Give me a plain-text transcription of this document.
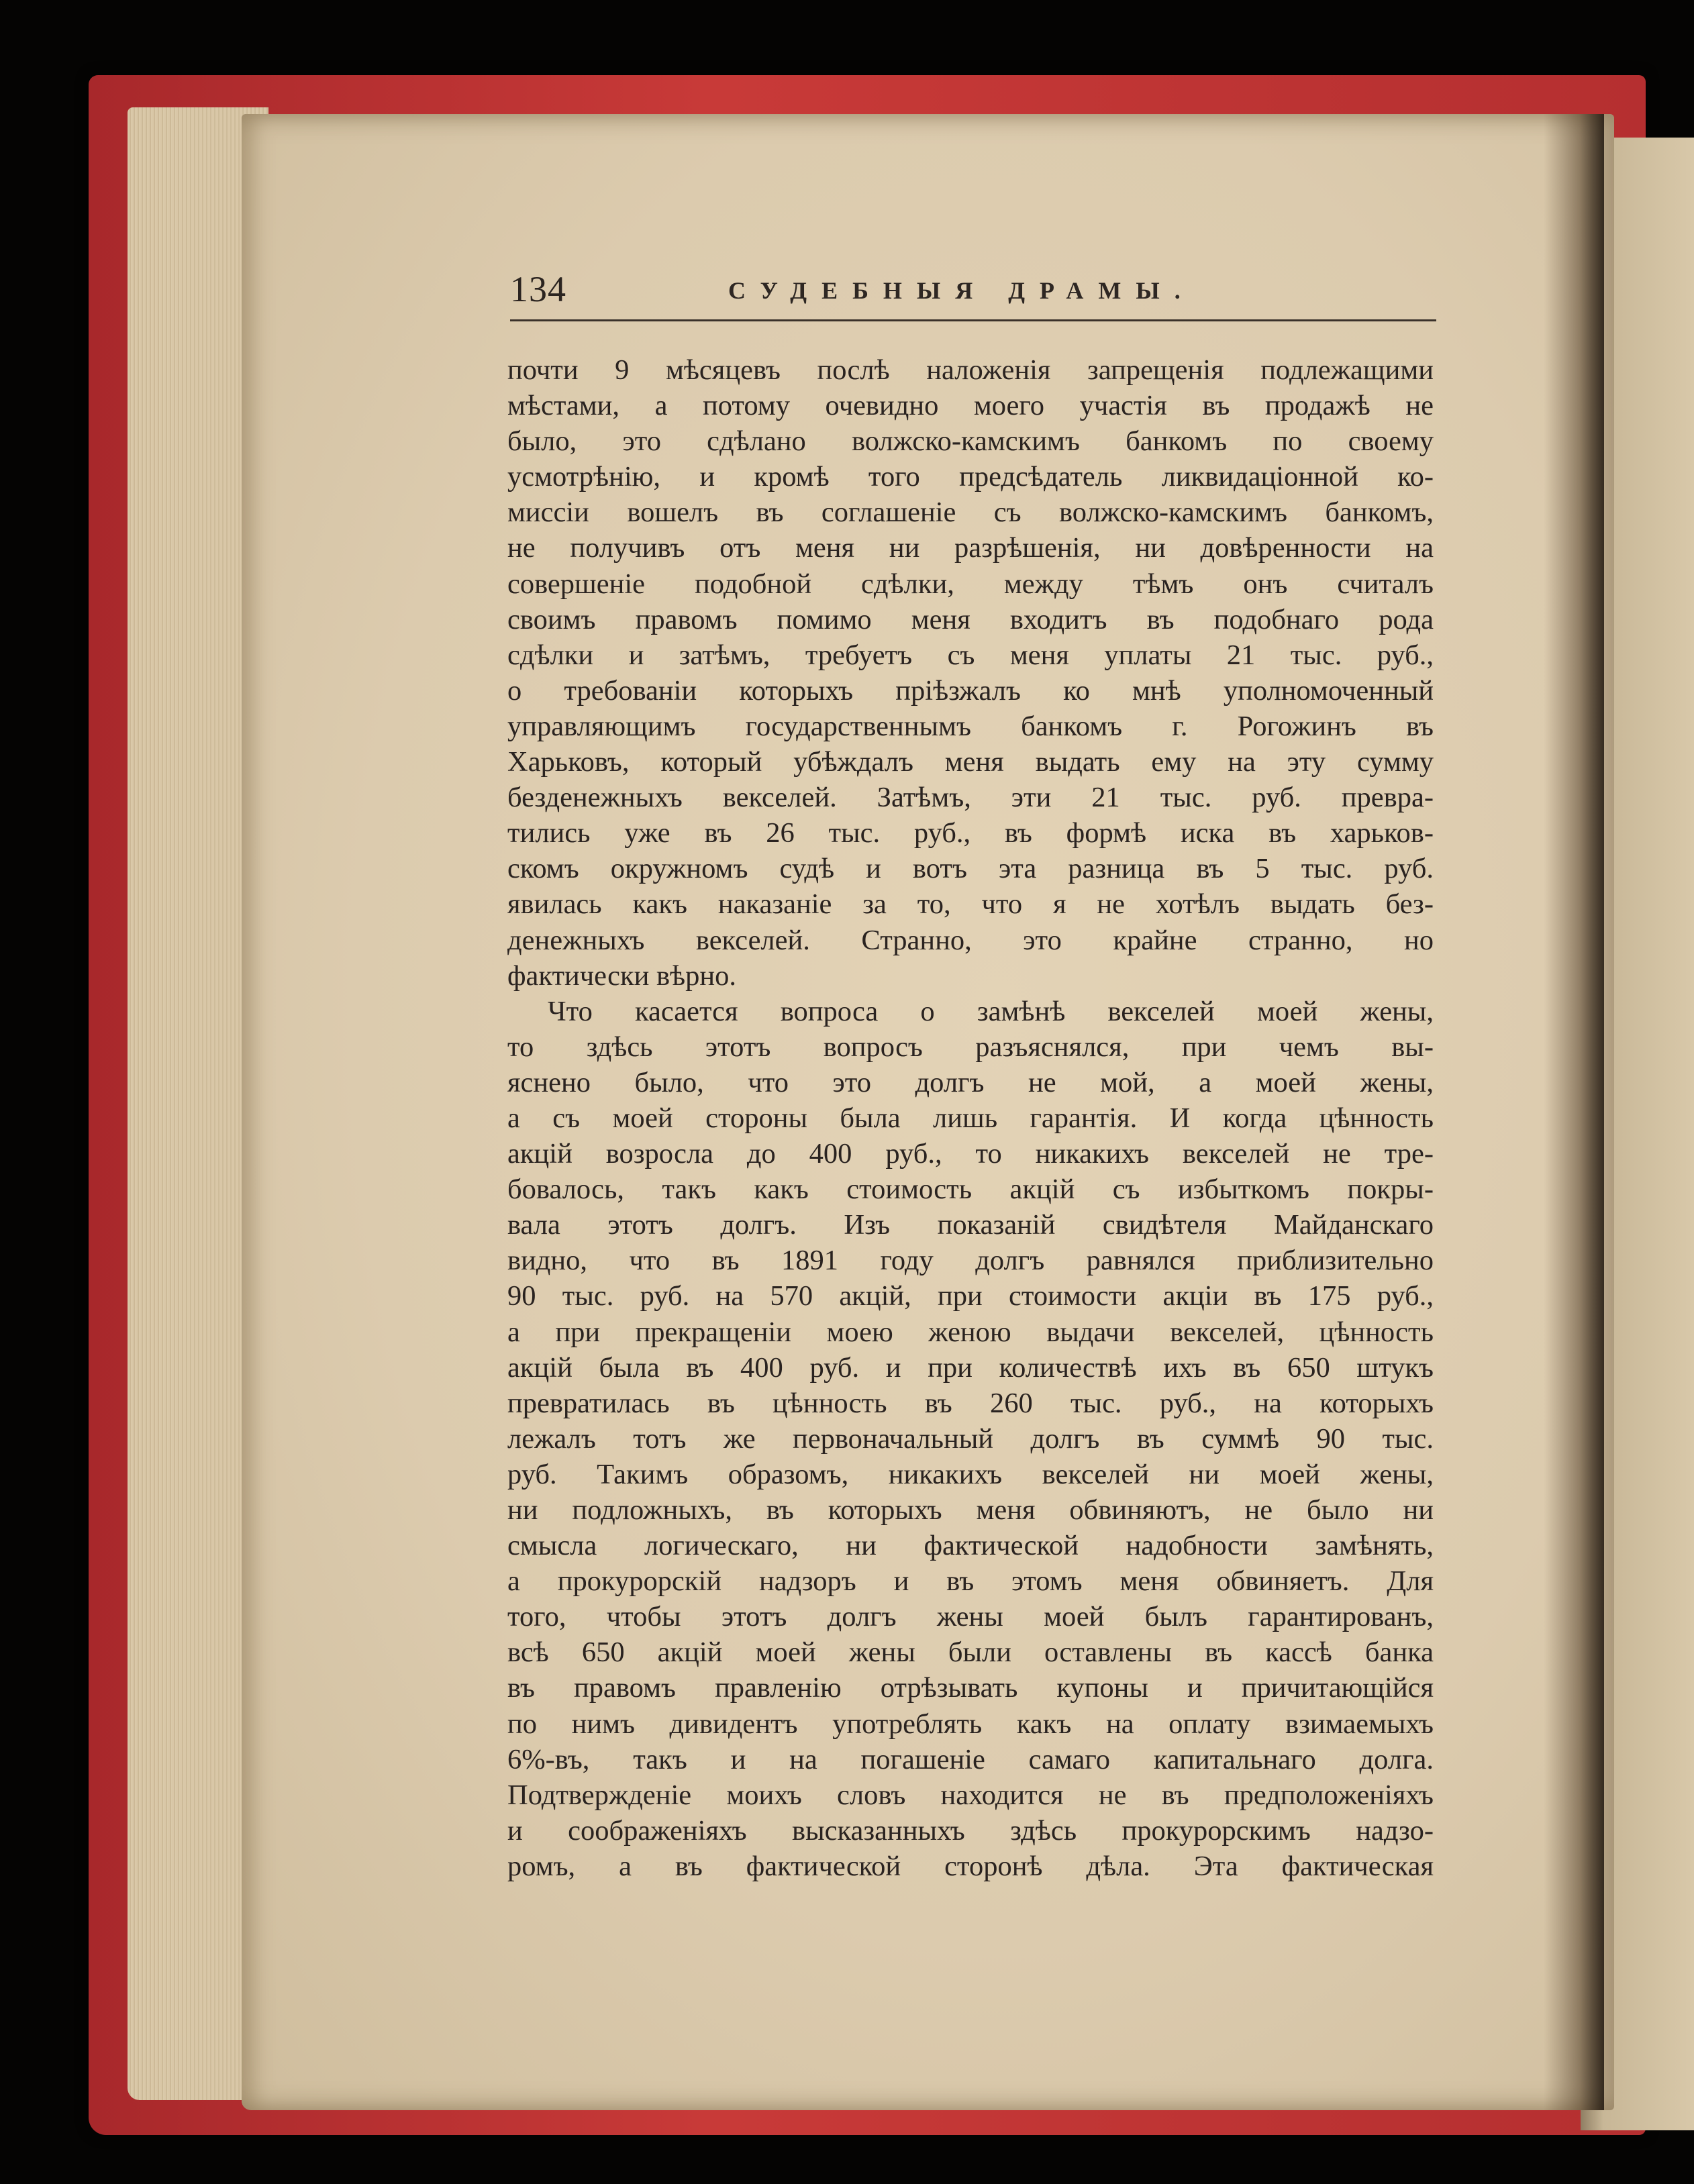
134	СУДЕБНЫЯ ДРАМЫ.
почти 9 мѣсяцевъ послѣ наложенія запрещенія подлежащими
мѣстами, а потому очевидно моего участія въ продажѣ не
было, это сдѣлано волжско-камскимъ банкомъ по своему
усмотрѣнію, и кромѣ того предсѣдатель ликвидаціонной ко-
миссіи вошелъ въ соглашеніе съ волжско-камскимъ банкомъ,
не получивъ отъ меня ни разрѣшенія, ни довѣренности на
совершеніе подобной сдѣлки, между тѣмъ онъ считалъ
своимъ правомъ помимо меня входитъ въ подобнаго рода
сдѣлки и затѣмъ, требуетъ съ меня уплаты 21 тыс. руб.,
о требованіи которыхъ пріѣзжалъ ко мнѣ уполномоченный
управляющимъ государственнымъ банкомъ г. Рогожинъ въ
Харьковъ, который убѣждалъ меня выдать ему на эту сумму
безденежныхъ векселей. Затѣмъ, эти 21 тыс. руб. превра-
тились уже въ 26 тыс. руб., въ формѣ иска въ харьков-
скомъ окружномъ судѣ и вотъ эта разница въ 5 тыс. руб.
явилась какъ наказаніе за то, что я не хотѣлъ выдать без-
денежныхъ векселей. Странно, это крайне странно, но
фактически вѣрно.
Что касается вопроса о замѣнѣ векселей моей жены,
то здѣсь этотъ вопросъ разъяснялся, при чемъ вы-
яснено было, что это долгъ не мой, а моей жены,
а съ моей стороны была лишь гарантія. И когда цѣнность
акцій возросла до 400 руб., то никакихъ векселей не тре-
бовалось, такъ какъ стоимость акцій съ избыткомъ покры-
вала этотъ долгъ. Изъ показаній свидѣтеля Майданскаго
видно, что въ 1891 году долгъ равнялся приблизительно
90 тыс. руб. на 570 акцій, при стоимости акціи въ 175 руб.,
а при прекращеніи моею женою выдачи векселей, цѣнность
акцій была въ 400 руб. и при количествѣ ихъ въ 650 штукъ
превратилась въ цѣнность въ 260 тыс. руб., на которыхъ
лежалъ тотъ же первоначальный долгъ въ суммѣ 90 тыс.
руб. Такимъ образомъ, никакихъ векселей ни моей жены,
ни подложныхъ, въ которыхъ меня обвиняютъ, не было ни
смысла логическаго, ни фактической надобности замѣнять,
а прокурорскій надзоръ и въ этомъ меня обвиняетъ. Для
того, чтобы этотъ долгъ жены моей былъ гарантированъ,
всѣ 650 акцій моей жены были оставлены въ кассѣ банка
въ правомъ правленію отрѣзывать купоны и причитающійся
по нимъ дивидентъ употреблять какъ на оплату взимаемыхъ
6%-въ, такъ и на погашеніе самаго капитальнаго долга.
Подтвержденіе моихъ словъ находится не въ предположеніяхъ
и соображеніяхъ высказанныхъ здѣсь прокурорскимъ надзо-
ромъ, а въ фактической сторонѣ дѣла. Эта фактическая
